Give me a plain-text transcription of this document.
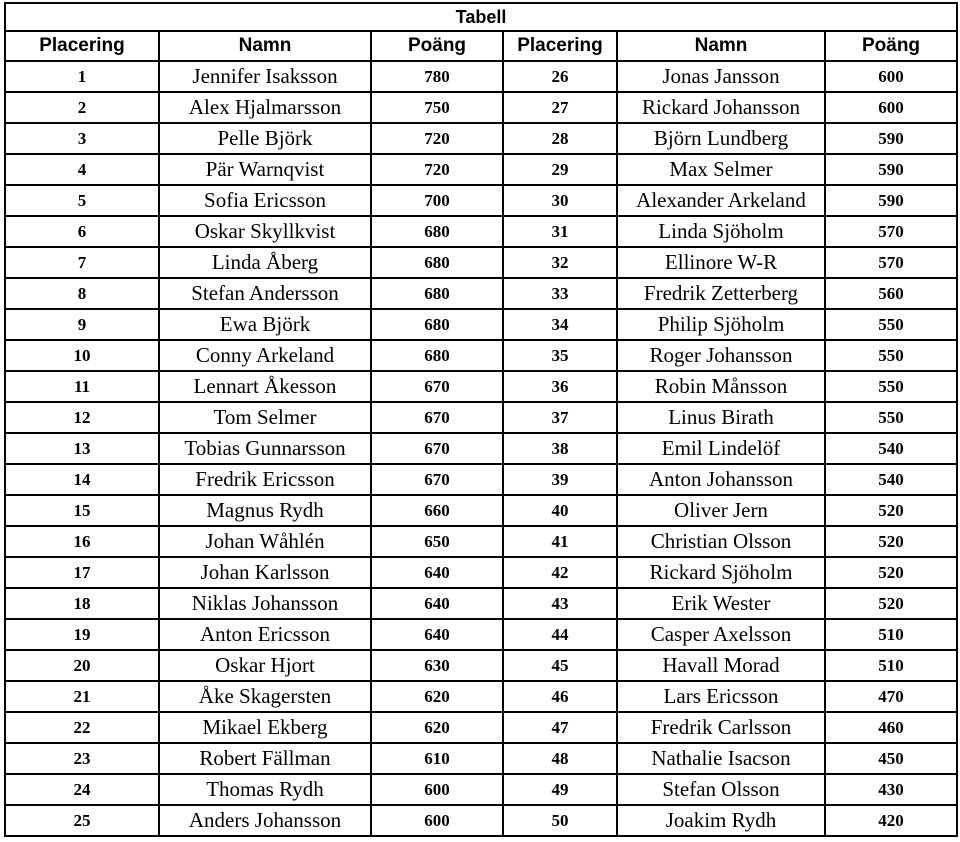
Tabell					
Placering	Namn	Poäng	Placering	Namn	Poäng
1	Jennifer Isaksson	780	26	Jonas Jansson	600
2	Alex Hjalmarsson	750	27	Rickard Johansson	600
3	Pelle Björk	720	28	Björn Lundberg	590
4	Pär Warnqvist	720	29	Max Selmer	590
5	Sofia Ericsson	700	30	Alexander Arkeland	590
6	Oskar Skyllkvist	680	31	Linda Sjöholm	570
7	Linda Åberg	680	32	Ellinore W-R	570
8	Stefan Andersson	680	33	Fredrik Zetterberg	560
9	Ewa Björk	680	34	Philip Sjöholm	550
10	Conny Arkeland	680	35	Roger Johansson	550
11	Lennart Åkesson	670	36	Robin Månsson	550
12	Tom Selmer	670	37	Linus Birath	550
13	Tobias Gunnarsson	670	38	Emil Lindelöf	540
14	Fredrik Ericsson	670	39	Anton Johansson	540
15	Magnus Rydh	660	40	Oliver Jern	520
16	Johan Wåhlén	650	41	Christian Olsson	520
17	Johan Karlsson	640	42	Rickard Sjöholm	520
18	Niklas Johansson	640	43	Erik Wester	520
19	Anton Ericsson	640	44	Casper Axelsson	510
20	Oskar Hjort	630	45	Havall Morad	510
21	Åke Skagersten	620	46	Lars Ericsson	470
22	Mikael Ekberg	620	47	Fredrik Carlsson	460
23	Robert Fällman	610	48	Nathalie Isacson	450
24	Thomas Rydh	600	49	Stefan Olsson	430
25	Anders Johansson	600	50	Joakim Rydh	420
